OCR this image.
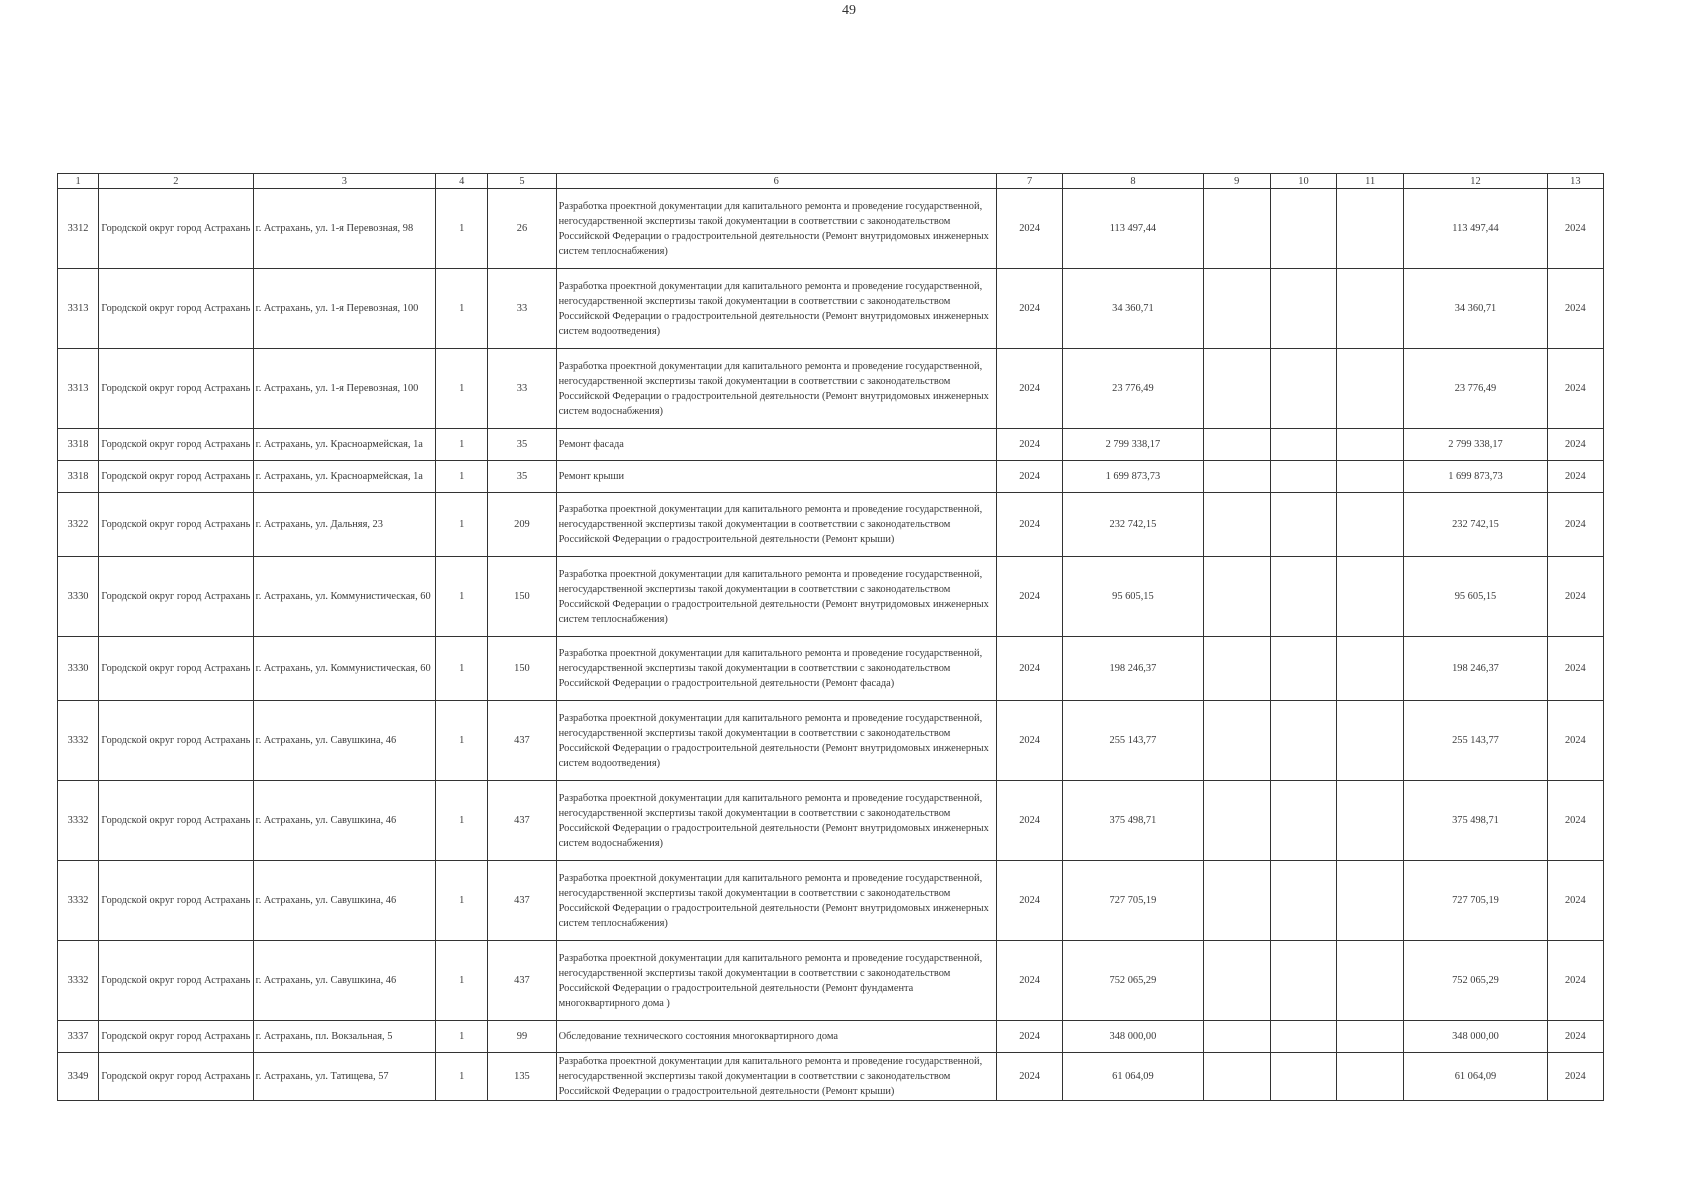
49
1	2	3	4	5	6	7	8	9	10	11	12	13
3312	Городской округ город Астрахань	г. Астрахань, ул. 1-я Перевозная, 98	1	26	Разработка проектной документации для капитального ремонта и проведение государственной, негосударственной экспертизы такой документации в соответствии с законодательством Российской Федерации о градостроительной деятельности (Ремонт внутридомовых инженерных систем теплоснабжения)	2024	113 497,44				113 497,44	2024
3313	Городской округ город Астрахань	г. Астрахань, ул. 1-я Перевозная, 100	1	33	Разработка проектной документации для капитального ремонта и проведение государственной, негосударственной экспертизы такой документации в соответствии с законодательством Российской Федерации о градостроительной деятельности (Ремонт внутридомовых инженерных систем водоотведения)	2024	34 360,71				34 360,71	2024
3313	Городской округ город Астрахань	г. Астрахань, ул. 1-я Перевозная, 100	1	33	Разработка проектной документации для капитального ремонта и проведение государственной, негосударственной экспертизы такой документации в соответствии с законодательством Российской Федерации о градостроительной деятельности (Ремонт внутридомовых инженерных систем водоснабжения)	2024	23 776,49				23 776,49	2024
3318	Городской округ город Астрахань	г. Астрахань, ул. Красноармейская, 1а	1	35	Ремонт фасада	2024	2 799 338,17				2 799 338,17	2024
3318	Городской округ город Астрахань	г. Астрахань, ул. Красноармейская, 1а	1	35	Ремонт крыши	2024	1 699 873,73				1 699 873,73	2024
3322	Городской округ город Астрахань	г. Астрахань, ул. Дальняя, 23	1	209	Разработка проектной документации для капитального ремонта и проведение государственной, негосударственной экспертизы такой документации в соответствии с законодательством Российской Федерации о градостроительной деятельности (Ремонт крыши)	2024	232 742,15				232 742,15	2024
3330	Городской округ город Астрахань	г. Астрахань, ул. Коммунистическая, 60	1	150	Разработка проектной документации для капитального ремонта и проведение государственной, негосударственной экспертизы такой документации в соответствии с законодательством Российской Федерации о градостроительной деятельности (Ремонт внутридомовых инженерных систем теплоснабжения)	2024	95 605,15				95 605,15	2024
3330	Городской округ город Астрахань	г. Астрахань, ул. Коммунистическая, 60	1	150	Разработка проектной документации для капитального ремонта и проведение государственной, негосударственной экспертизы такой документации в соответствии с законодательством Российской Федерации о градостроительной деятельности (Ремонт фасада)	2024	198 246,37				198 246,37	2024
3332	Городской округ город Астрахань	г. Астрахань, ул. Савушкина, 46	1	437	Разработка проектной документации для капитального ремонта и проведение государственной, негосударственной экспертизы такой документации в соответствии с законодательством Российской Федерации о градостроительной деятельности (Ремонт внутридомовых инженерных систем водоотведения)	2024	255 143,77				255 143,77	2024
3332	Городской округ город Астрахань	г. Астрахань, ул. Савушкина, 46	1	437	Разработка проектной документации для капитального ремонта и проведение государственной, негосударственной экспертизы такой документации в соответствии с законодательством Российской Федерации о градостроительной деятельности (Ремонт внутридомовых инженерных систем водоснабжения)	2024	375 498,71				375 498,71	2024
3332	Городской округ город Астрахань	г. Астрахань, ул. Савушкина, 46	1	437	Разработка проектной документации для капитального ремонта и проведение государственной, негосударственной экспертизы такой документации в соответствии с законодательством Российской Федерации о градостроительной деятельности (Ремонт внутридомовых инженерных систем теплоснабжения)	2024	727 705,19				727 705,19	2024
3332	Городской округ город Астрахань	г. Астрахань, ул. Савушкина, 46	1	437	Разработка проектной документации для капитального ремонта и проведение государственной, негосударственной экспертизы такой документации в соответствии с законодательством Российской Федерации о градостроительной деятельности (Ремонт фундамента многоквартирного дома )	2024	752 065,29				752 065,29	2024
3337	Городской округ город Астрахань	г. Астрахань, пл. Вокзальная, 5	1	99	Обследование технического состояния многоквартирного дома	2024	348 000,00				348 000,00	2024
3349	Городской округ город Астрахань	г. Астрахань, ул. Татищева, 57	1	135	Разработка проектной документации для капитального ремонта и проведение государственной, негосударственной экспертизы такой документации в соответствии с законодательством Российской Федерации о градостроительной деятельности (Ремонт крыши)	2024	61 064,09				61 064,09	2024
